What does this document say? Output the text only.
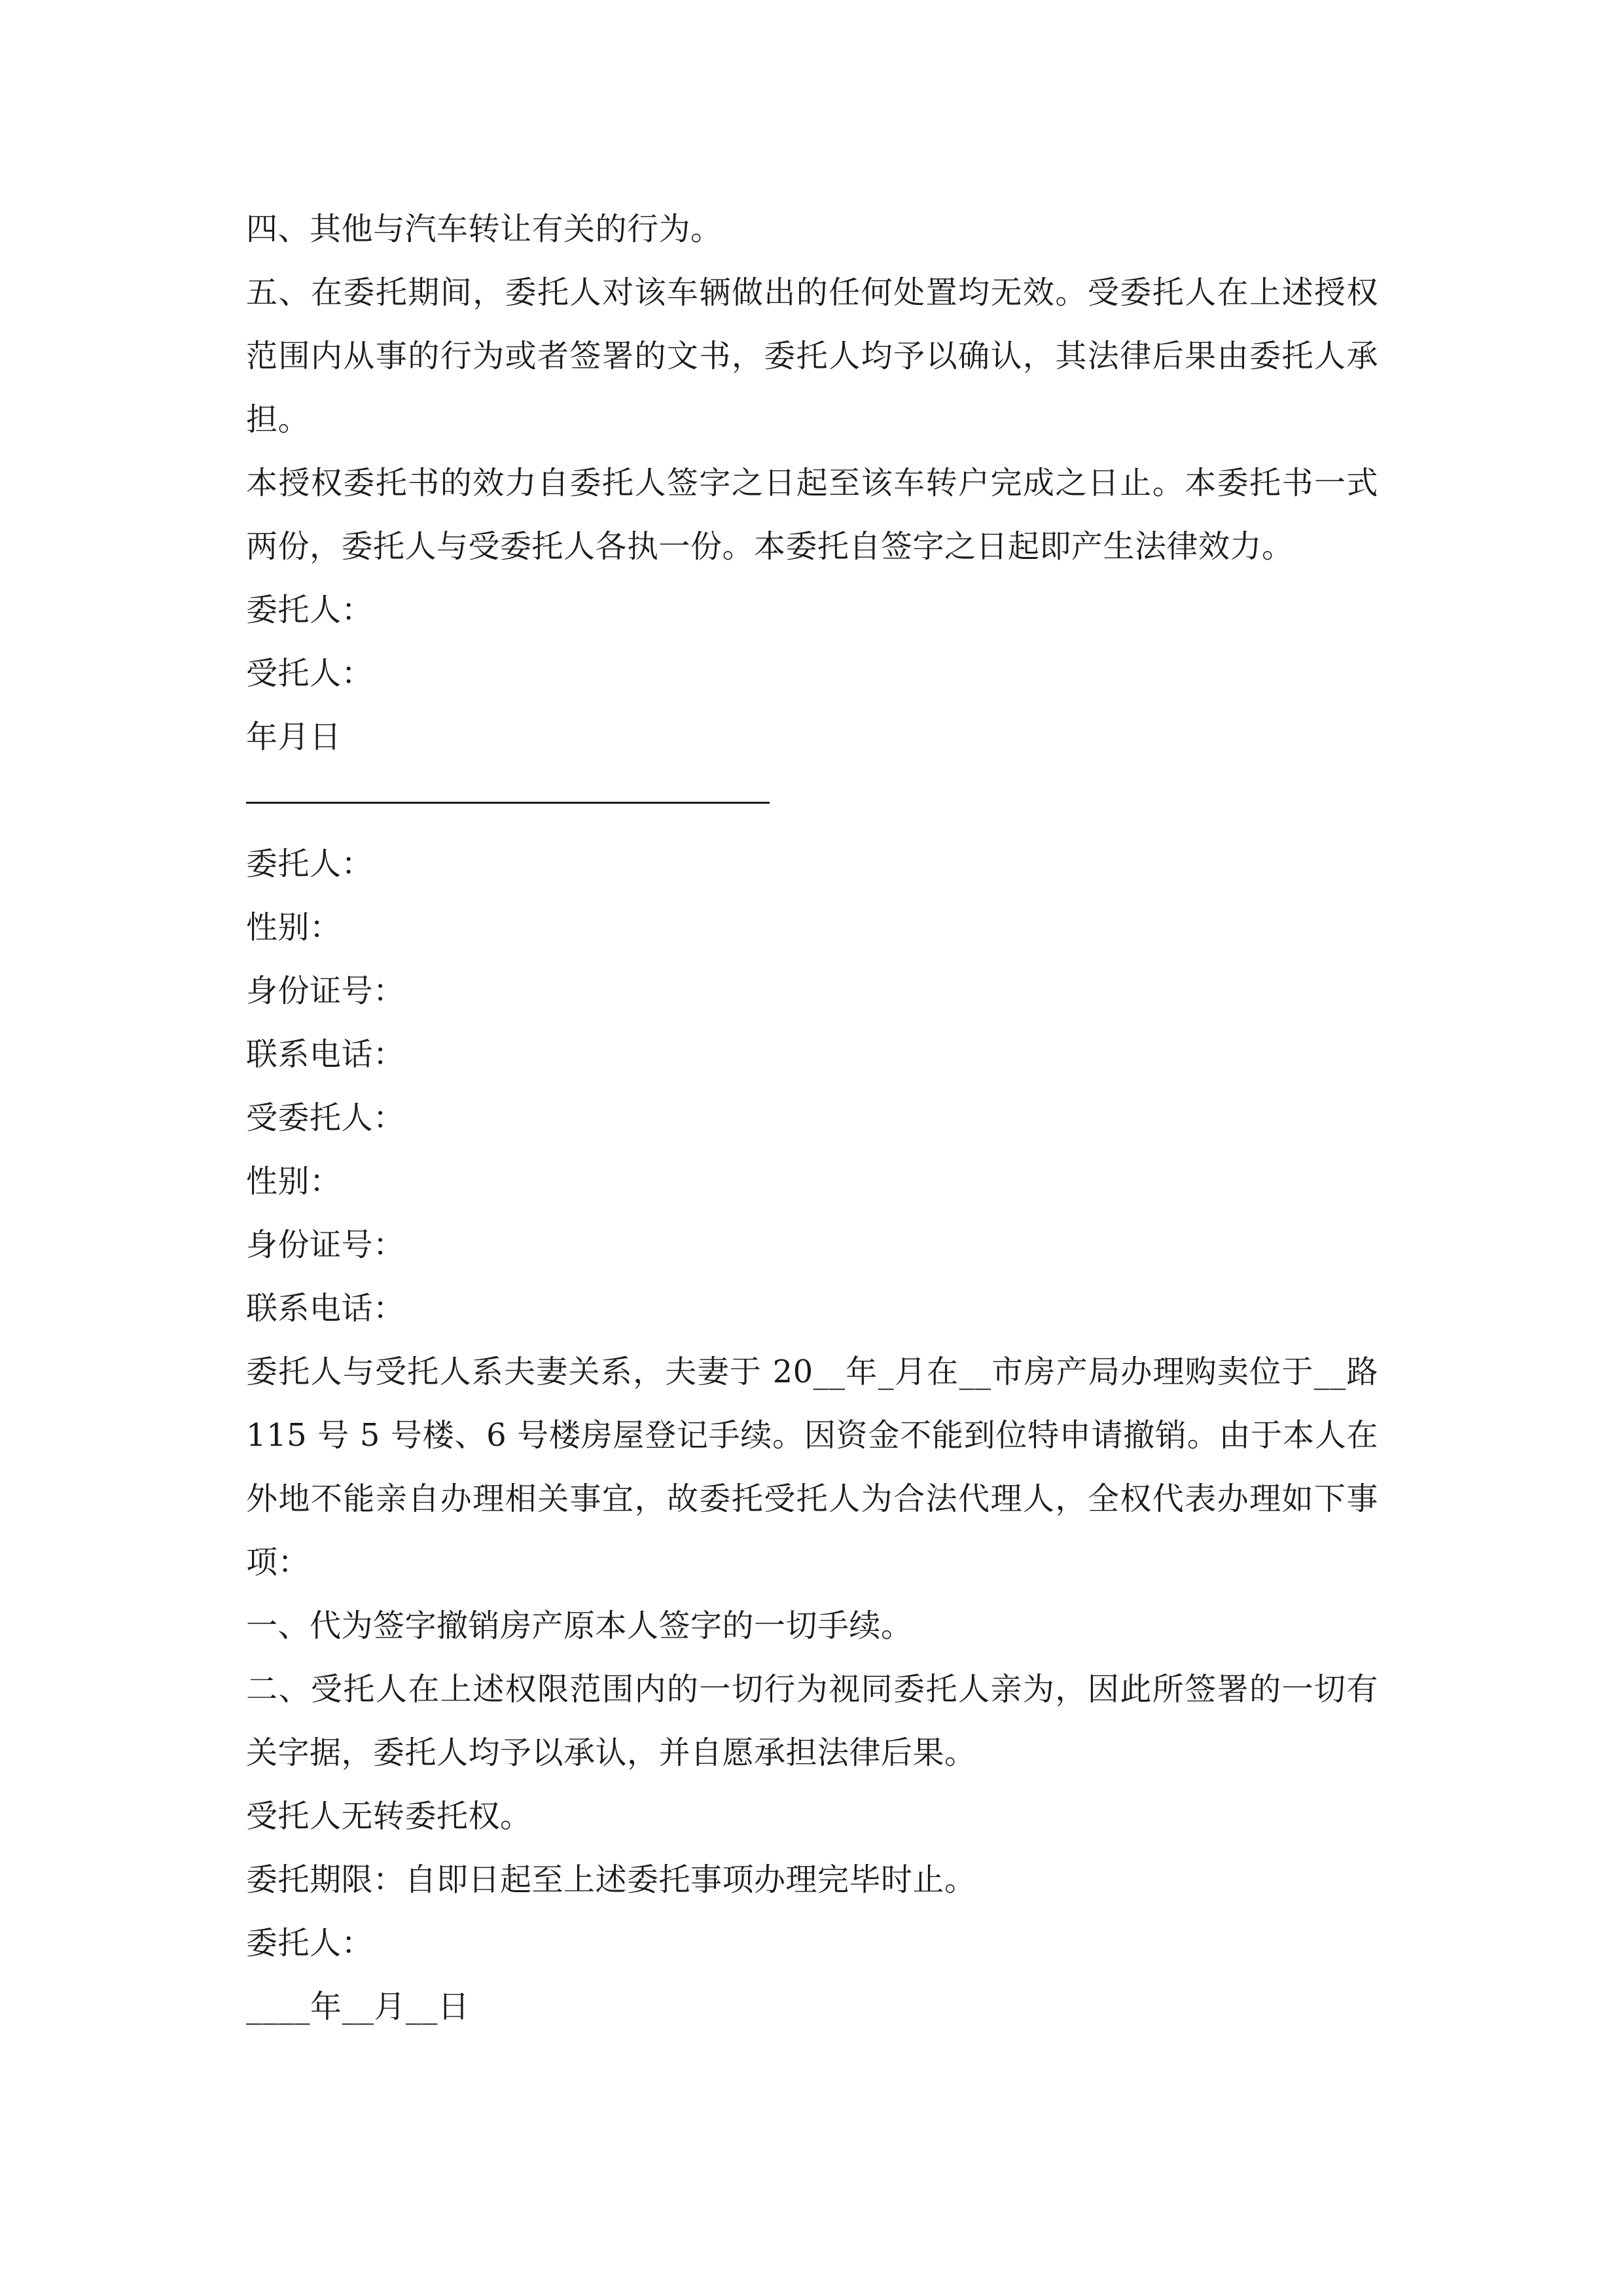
四、其他与汽车转让有关的行为。
五、在委托期间，委托人对该车辆做出的任何处置均无效。受委托人在上述授权
范围内从事的行为或者签署的文书，委托人均予以确认，其法律后果由委托人承
担。
本授权委托书的效力自委托人签字之日起至该车转户完成之日止。本委托书一式
两份，委托人与受委托人各执一份。本委托自签字之日起即产生法律效力。
委托人：
受托人：
年月日
委托人：
性别：
身份证号：
联系电话：
受委托人：
性别：
身份证号：
联系电话：
委托人与受托人系夫妻关系，夫妻于 20__年_月在__市房产局办理购卖位于__路
115 号 5 号楼、6 号楼房屋登记手续。因资金不能到位特申请撤销。由于本人在
外地不能亲自办理相关事宜，故委托受托人为合法代理人，全权代表办理如下事
项：
一、代为签字撤销房产原本人签字的一切手续。
二、受托人在上述权限范围内的一切行为视同委托人亲为，因此所签署的一切有
关字据，委托人均予以承认，并自愿承担法律后果。
受托人无转委托权。
委托期限：自即日起至上述委托事项办理完毕时止。
委托人：
____年__月__日
